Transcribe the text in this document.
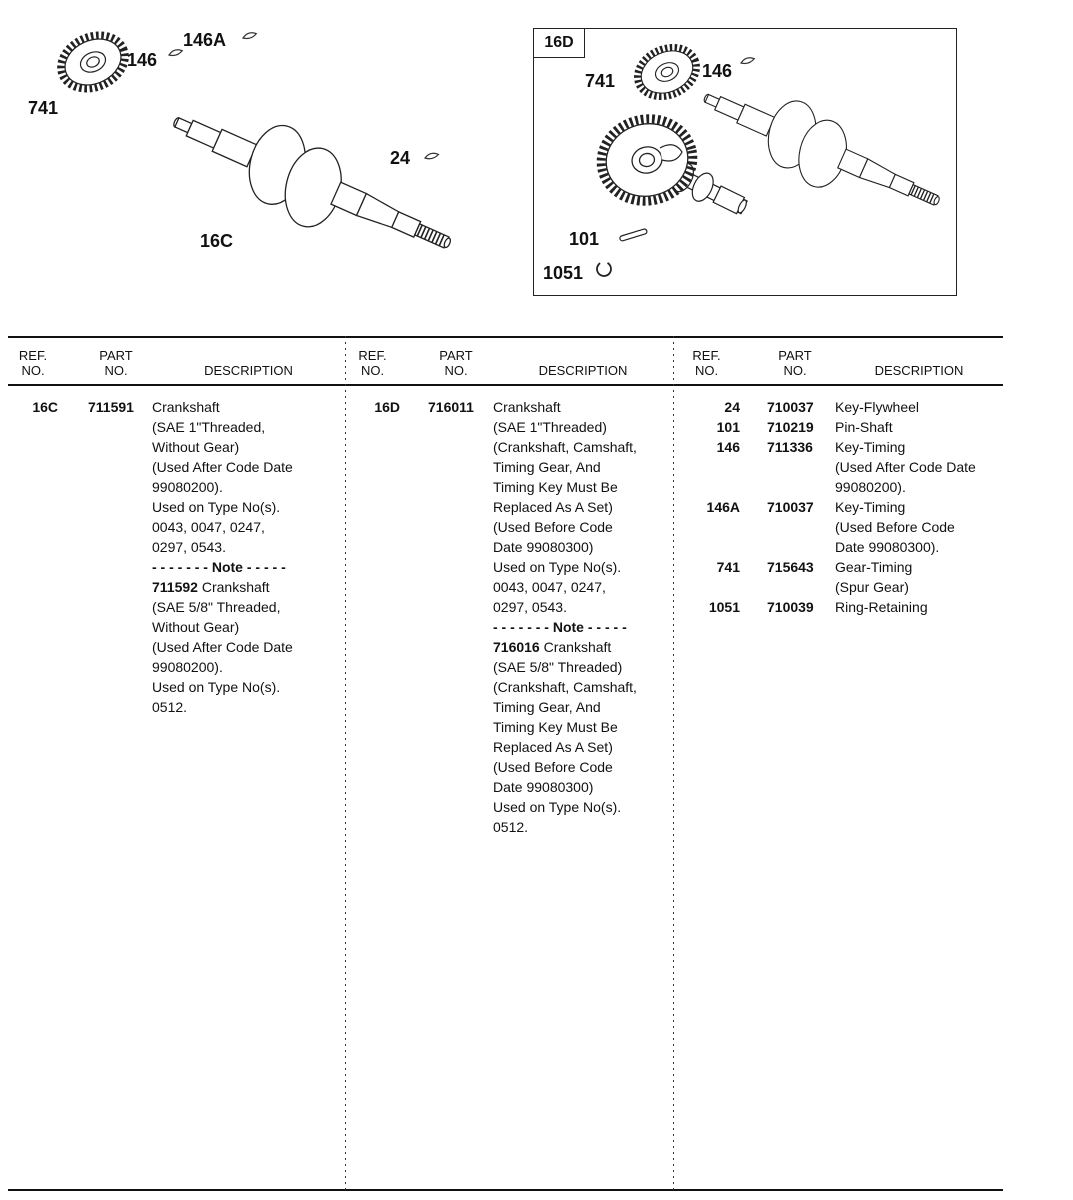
741
146
146A
24
16C
16D
741	146
101
1051
REF.
NO.
PART
NO.	DESCRIPTION
16C 711591	Crankshaft
(SAE 1"Threaded,
Without Gear)
(Used After Code Date
99080200).
Used on Type No(s).
0043, 0047, 0247,
0297, 0543.
- - - - - - - Note - - - - -
711592 Crankshaft
(SAE 5/8" Threaded,
Without Gear)
(Used After Code Date
99080200).
Used on Type No(s).
0512.
REF.
NO.
PART
NO.	DESCRIPTION
16D 716011	Crankshaft
(SAE 1"Threaded)
(Crankshaft, Camshaft,
Timing Gear, And
Timing Key Must Be
Replaced As A Set)
(Used Before Code
Date 99080300)
Used on Type No(s).
0043, 0047, 0247,
0297, 0543.
- - - - - - - Note - - - - -
716016 Crankshaft
(SAE 5/8" Threaded)
(Crankshaft, Camshaft,
Timing Gear, And
Timing Key Must Be
Replaced As A Set)
(Used Before Code
Date 99080300)
Used on Type No(s).
0512.
REF.
NO.
PART
NO.	DESCRIPTION
24 710037	Key-Flywheel
101 710219	Pin-Shaft
146 711336	Key-Timing
(Used After Code Date
99080200).
146A 710037	Key-Timing
(Used Before Code
Date 99080300).
741 715643	Gear-Timing
(Spur Gear)
1051 710039	Ring-Retaining
